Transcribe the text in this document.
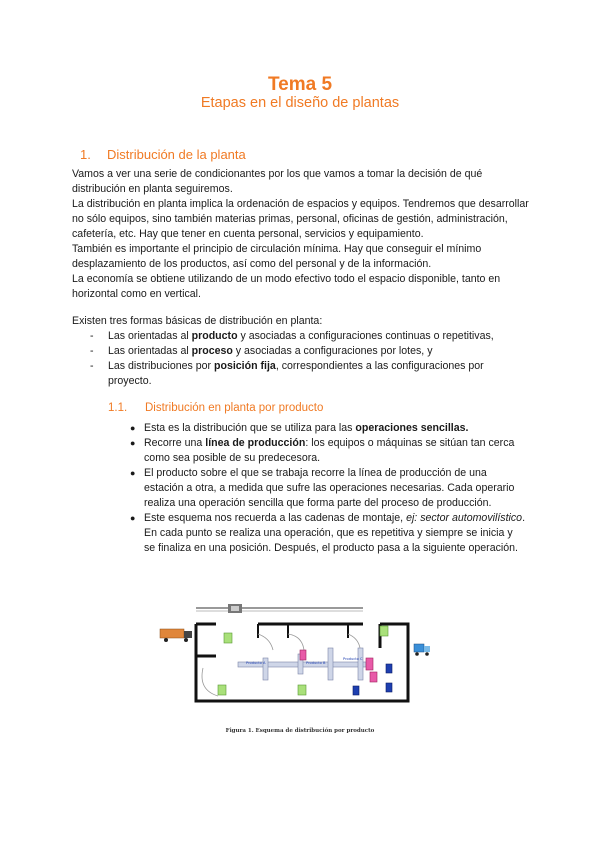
Tema 5
Etapas en el diseño de plantas
1. Distribución de la planta

Vamos a ver una serie de condicionantes por los que vamos a tomar la decisión de qué distribución en planta seguiremos.

La distribución en planta implica la ordenación de espacios y equipos. Tendremos que desarrollar no sólo equipos, sino también materias primas, personal, oficinas de gestión, administración, cafetería, etc. Hay que tener en cuenta personal, servicios y equipamiento.

También es importante el principio de circulación mínima. Hay que conseguir el mínimo desplazamiento de los productos, así como del personal y de la información.

La economía se obtiene utilizando de un modo efectivo todo el espacio disponible, tanto en horizontal como en vertical.

Existen tres formas básicas de distribución en planta:
- Las orientadas al producto y asociadas a configuraciones continuas o repetitivas,
- Las orientadas al proceso y asociadas a configuraciones por lotes, y
- Las distribuciones por posición fija, correspondientes a las configuraciones por proyecto.
1.1. Distribución en planta por producto
● Esta es la distribución que se utiliza para las operaciones sencillas.
● Recorre una línea de producción: los equipos o máquinas se sitúan tan cerca como sea posible de su predecesora.
● El producto sobre el que se trabaja recorre la línea de producción de una estación a otra, a medida que sufre las operaciones necesarias. Cada operario realiza una operación sencilla que forma parte del proceso de producción.
● Este esquema nos recuerda a las cadenas de montaje, ej: sector automovilístico. En cada punto se realiza una operación, que es repetitiva y siempre se inicia y se finaliza en una posición. Después, el producto pasa a la siguiente operación.
Producto A	Producto B
Producto C
Figura 1. Esquema de distribución por producto
